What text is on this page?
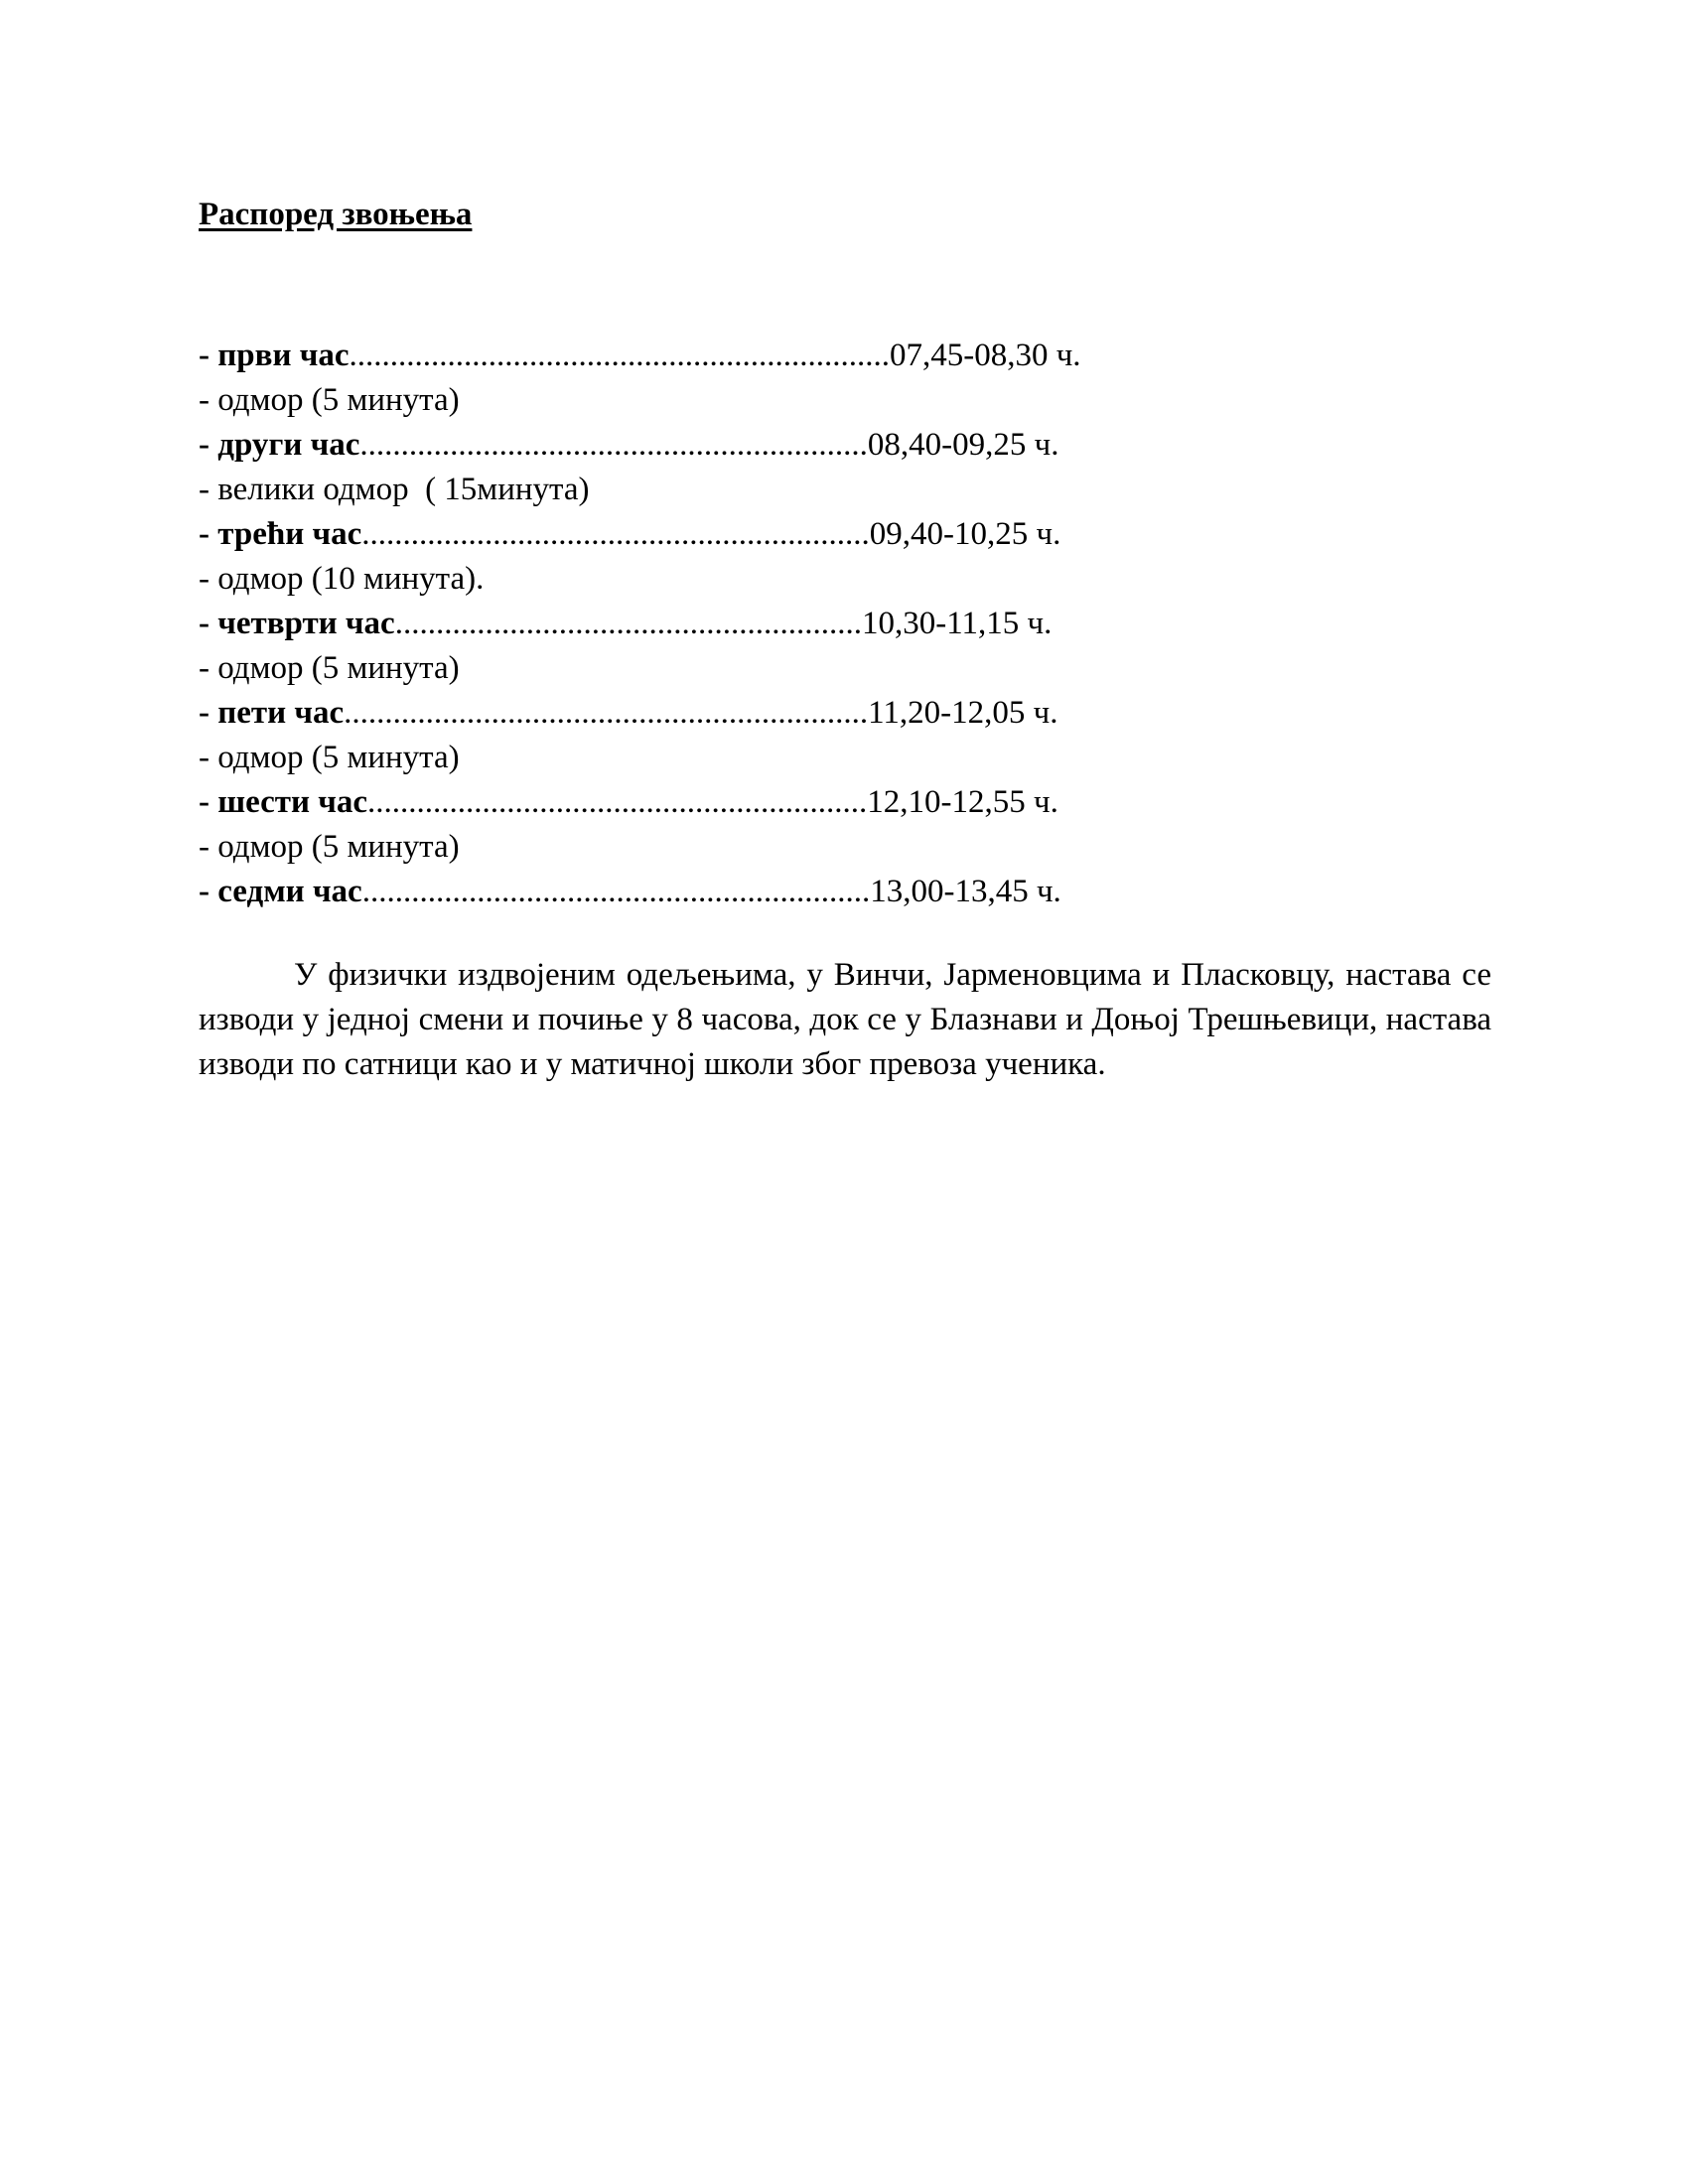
Распоред звоњења
- први час..................................................................07,45-08,30 ч.
- одмор (5 минута)
- други час..............................................................08,40-09,25 ч.
- велики одмор  ( 15минута)
- трећи час..............................................................09,40-10,25 ч.
- одмор (10 минута).
- четврти час.........................................................10,30-11,15 ч.
- одмор (5 минута)
- пети час................................................................11,20-12,05 ч.
- одмор (5 минута)
- шести час.............................................................12,10-12,55 ч.
- одмор (5 минута)
- седми час..............................................................13,00-13,45 ч.

У физички издвојеним одељењима, у Винчи, Јарменовцима и Пласковцу, настава се изводи у једној смени и почиње у 8 часова, док се у Блазнави и Доњој Трешњевици, настава изводи по сатници као и у матичној школи због превоза ученика.
